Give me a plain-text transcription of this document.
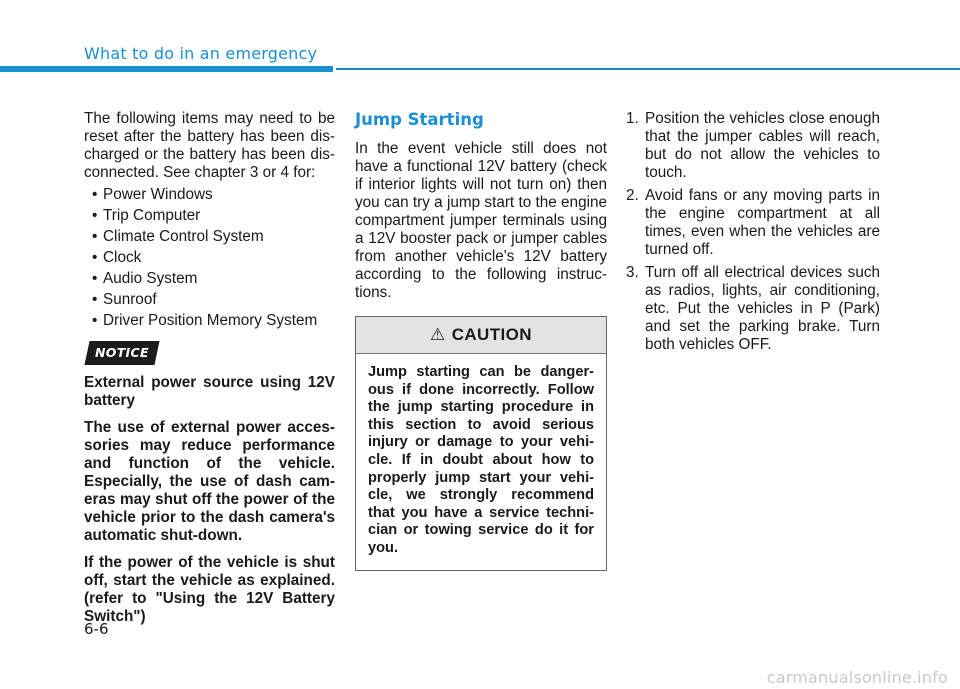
What to do in an emergency

The following items may need to be reset after the battery has been dis-charged or the battery has been dis-connected. See chapter 3 or 4 for:

• Power Windows
• Trip Computer
• Climate Control System
• Clock
• Audio System
• Sunroof
• Driver Position Memory System
NOTICE

External power source using 12V battery

The use of external power acces-sories may reduce performance and function of the vehicle. Especially, the use of dash cam-eras may shut off the power of the vehicle prior to the dash camera's automatic shut-down.

If the power of the vehicle is shut off, start the vehicle as explained. (refer to "Using the 12V Battery Switch")

Jump Starting

In the event vehicle still does not have a functional 12V battery (check if interior lights will not turn on) then you can try a jump start to the engine compartment jumper terminals using a 12V booster pack or jumper cables from another vehicle's 12V battery according to the following instruc-tions.

⚠ CAUTION
Jump starting can be danger-ous if done incorrectly. Follow the jump starting procedure in this section to avoid serious injury or damage to your vehi-cle. If in doubt about how to properly jump start your vehi-cle, we strongly recommend that you have a service techni-cian or towing service do it for you.
1. Position the vehicles close enough that the jumper cables will reach, but do not allow the vehicles to touch.
2. Avoid fans or any moving parts in the engine compartment at all times, even when the vehicles are turned off.
3. Turn off all electrical devices such as radios, lights, air conditioning, etc. Put the vehicles in P (Park) and set the parking brake. Turn both vehicles OFF.
6-6
carmanualsonline.info
